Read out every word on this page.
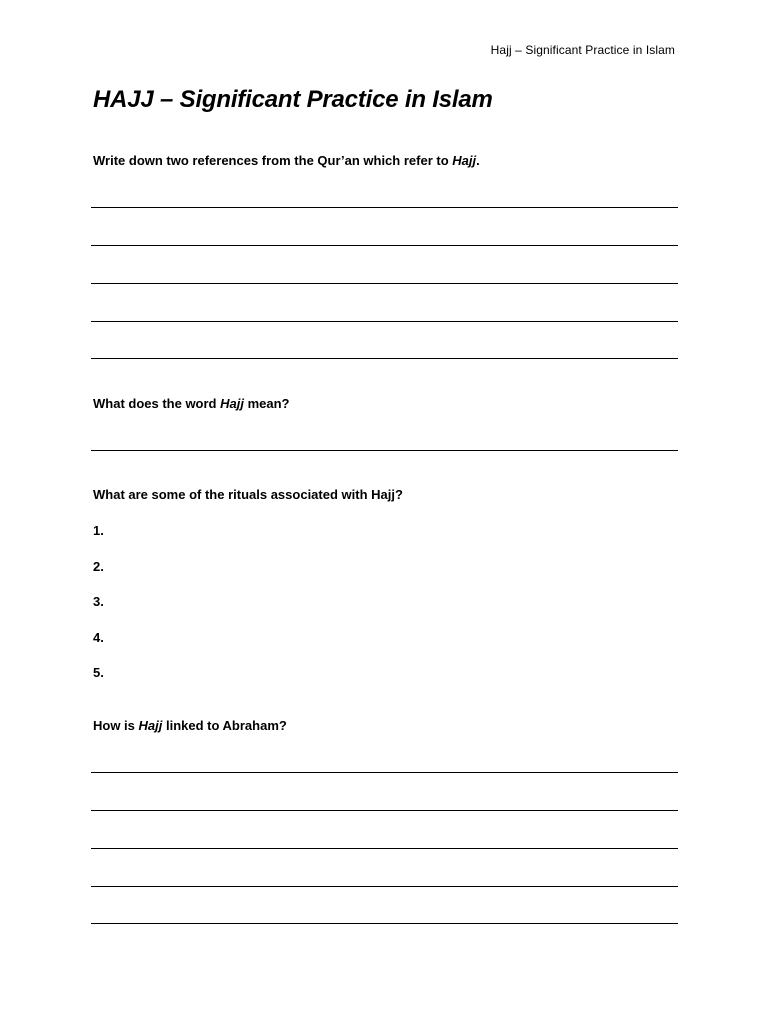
Hajj – Significant Practice in Islam
HAJJ – Significant Practice in Islam

Write down two references from the Qur’an which refer to Hajj.

What does the word Hajj mean?

What are some of the rituals associated with Hajj?

1.
2.
3.
4.
5.

How is Hajj linked to Abraham?
